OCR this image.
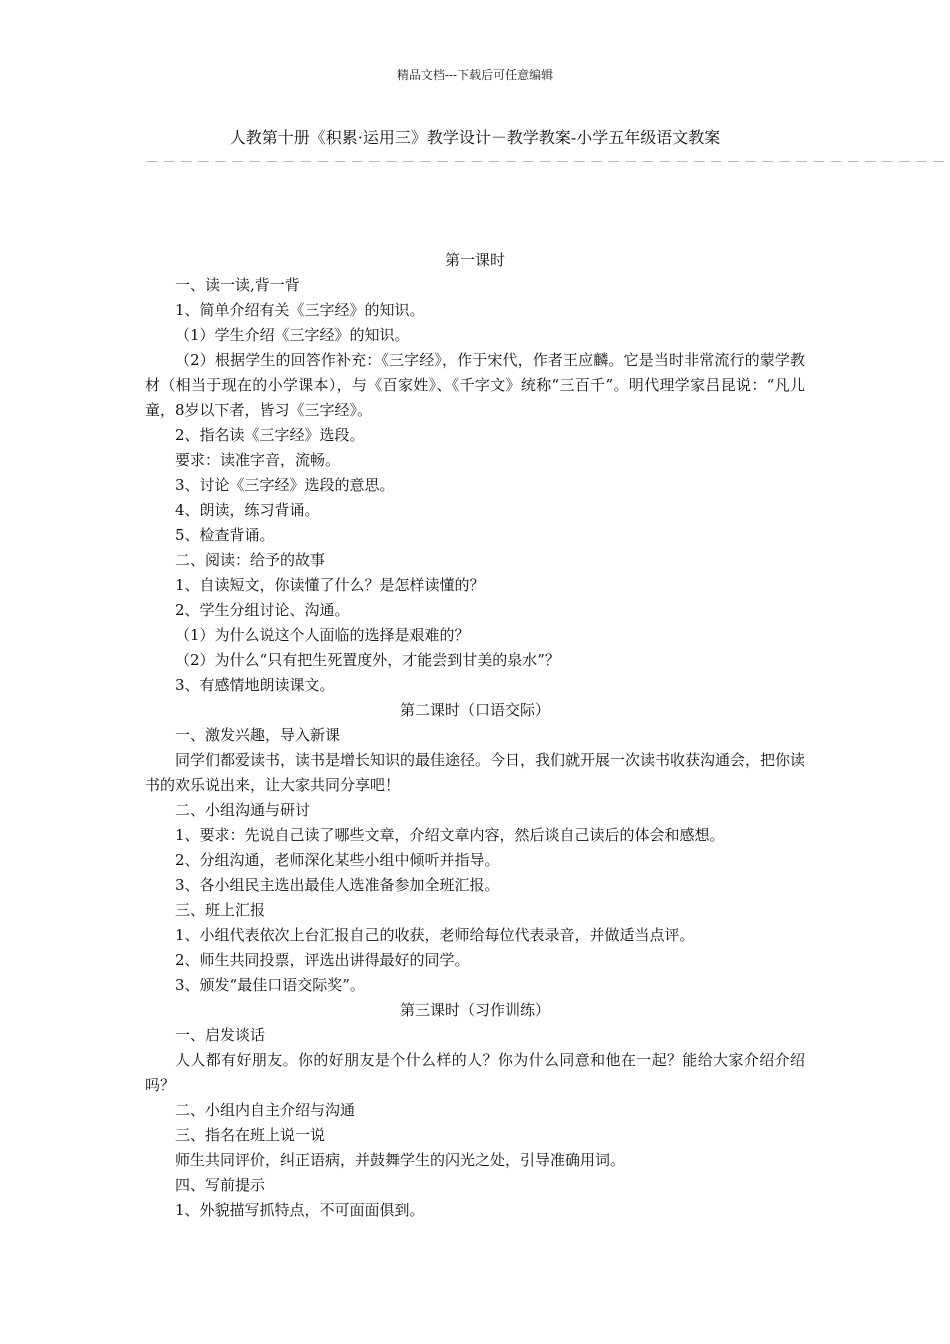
精品文档---下载后可任意编辑
人教第十册《积累·运用三》教学设计－教学教案-小学五年级语文教案
－－－－－－－－－－－－－－－－－－－－－－－－－－－－－－－－－－－－－－－－－－－－－－－

第一课时

一、读一读,背一背

1、简单介绍有关《三字经》的知识。

（1）学生介绍《三字经》的知识。

（2）根据学生的回答作补充：《三字经》，作于宋代，作者王应麟。它是当时非常流行的蒙学教材（相当于现在的小学课本），与《百家姓》、《千字文》统称“三百千”。明代理学家吕昆说：“凡儿童，8岁以下者，皆习《三字经》。

2、指名读《三字经》选段。

要求：读准字音，流畅。

3、讨论《三字经》选段的意思。

4、朗读，练习背诵。

5、检查背诵。

二、阅读：给予的故事

1、自读短文，你读懂了什么？是怎样读懂的？

2、学生分组讨论、沟通。

（1）为什么说这个人面临的选择是艰难的？

（2）为什么“只有把生死置度外，才能尝到甘美的泉水”？

3、有感情地朗读课文。

第二课时（口语交际）

一、激发兴趣，导入新课

同学们都爱读书，读书是增长知识的最佳途径。今日，我们就开展一次读书收获沟通会，把你读书的欢乐说出来，让大家共同分享吧！

二、小组沟通与研讨

1、要求：先说自己读了哪些文章，介绍文章内容，然后谈自己读后的体会和感想。

2、分组沟通，老师深化某些小组中倾听并指导。

3、各小组民主选出最佳人选准备参加全班汇报。

三、班上汇报

1、小组代表依次上台汇报自己的收获，老师给每位代表录音，并做适当点评。

2、师生共同投票，评选出讲得最好的同学。

3、颁发“最佳口语交际奖”。

第三课时（习作训练）

一、启发谈话

人人都有好朋友。你的好朋友是个什么样的人？你为什么同意和他在一起？能给大家介绍介绍吗？

二、小组内自主介绍与沟通

三、指名在班上说一说

师生共同评价，纠正语病，并鼓舞学生的闪光之处，引导准确用词。

四、写前提示

1、外貌描写抓特点，不可面面俱到。
